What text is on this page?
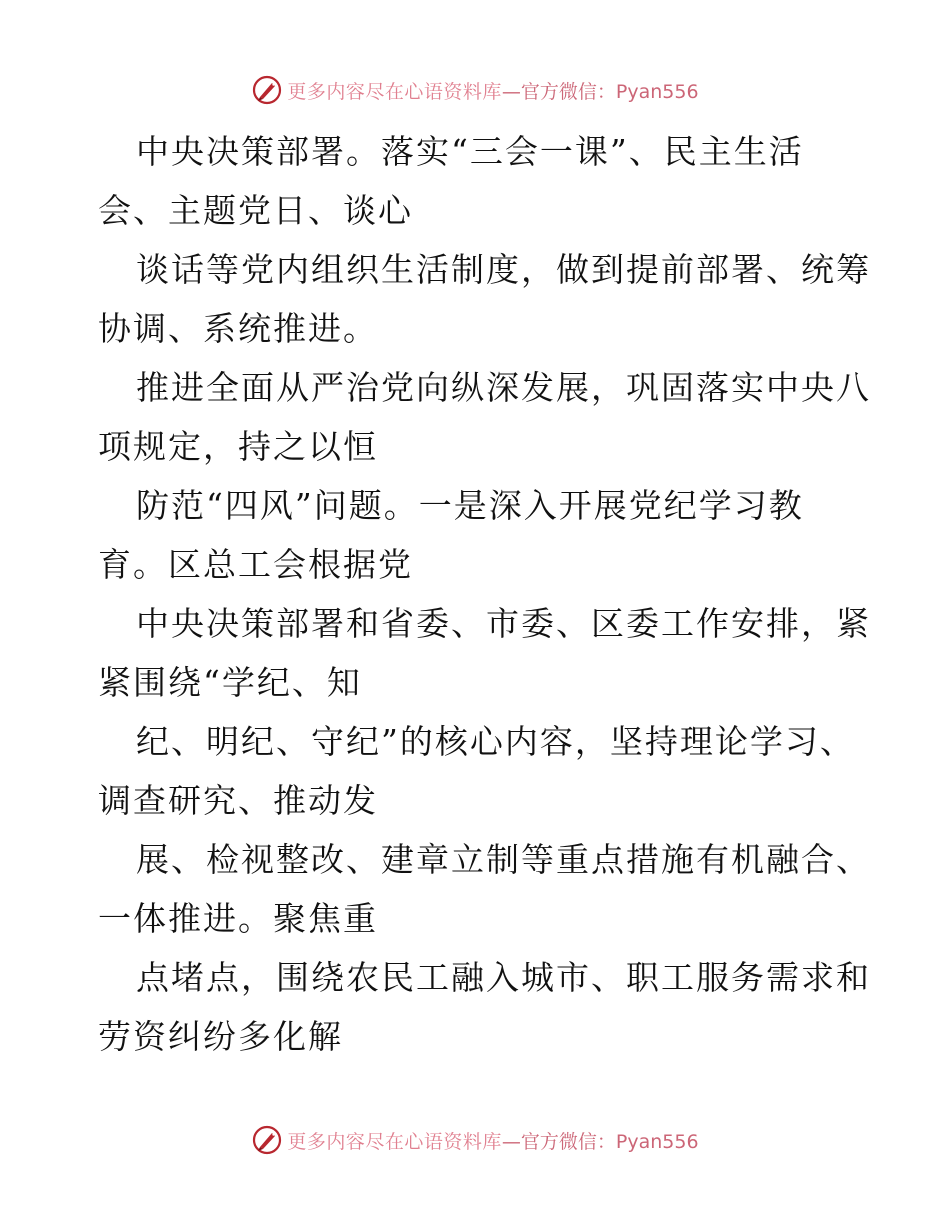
更多内容尽在心语资料库 —官方微信：Pyan556
中央决策部署。落实“三会一课”、民主生活
会、主题党日、谈心
谈话等党内组织生活制度，做到提前部署、统筹
协调、系统推进。
推进全面从严治党向纵深发展，巩固落实中央八
项规定，持之以恒
防范“四风”问题。一是深入开展党纪学习教
育。区总工会根据党
中央决策部署和省委、市委、区委工作安排，紧
紧围绕“学纪、知
纪、明纪、守纪”的核心内容，坚持理论学习、
调查研究、推动发
展、检视整改、建章立制等重点措施有机融合、
一体推进。聚焦重
点堵点，围绕农民工融入城市、职工服务需求和
劳资纠纷多化解
更多内容尽在心语资料库 —官方微信：Pyan556
